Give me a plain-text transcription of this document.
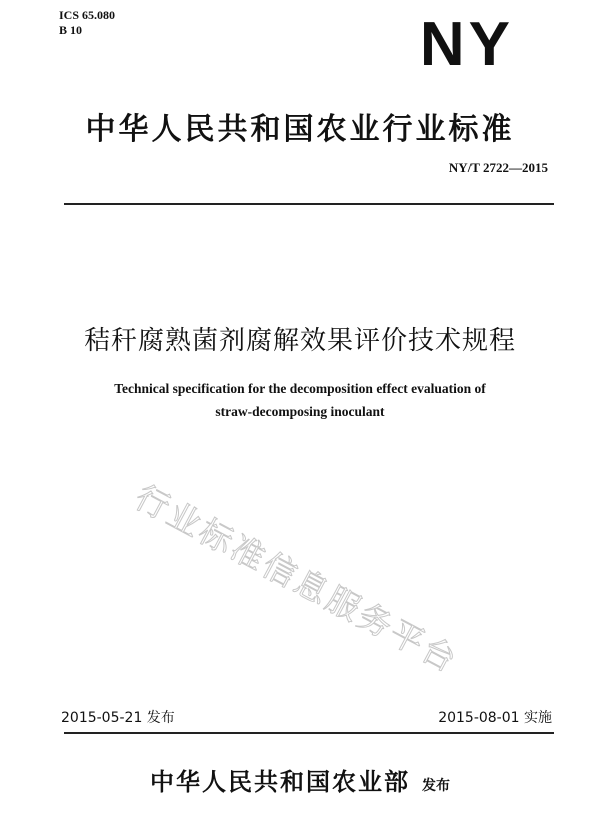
ICS 65.080
B 10	NY
中华人民共和国农业行业标准
NY/T 2722—2015
秸秆腐熟菌剂腐解效果评价技术规程
Technical specification for the decomposition effect evaluation of
straw-decomposing inoculant
行业标准信息服务平台
2015-05-21 发布	2015-08-01 实施
中华人民共和国农业部 发布
